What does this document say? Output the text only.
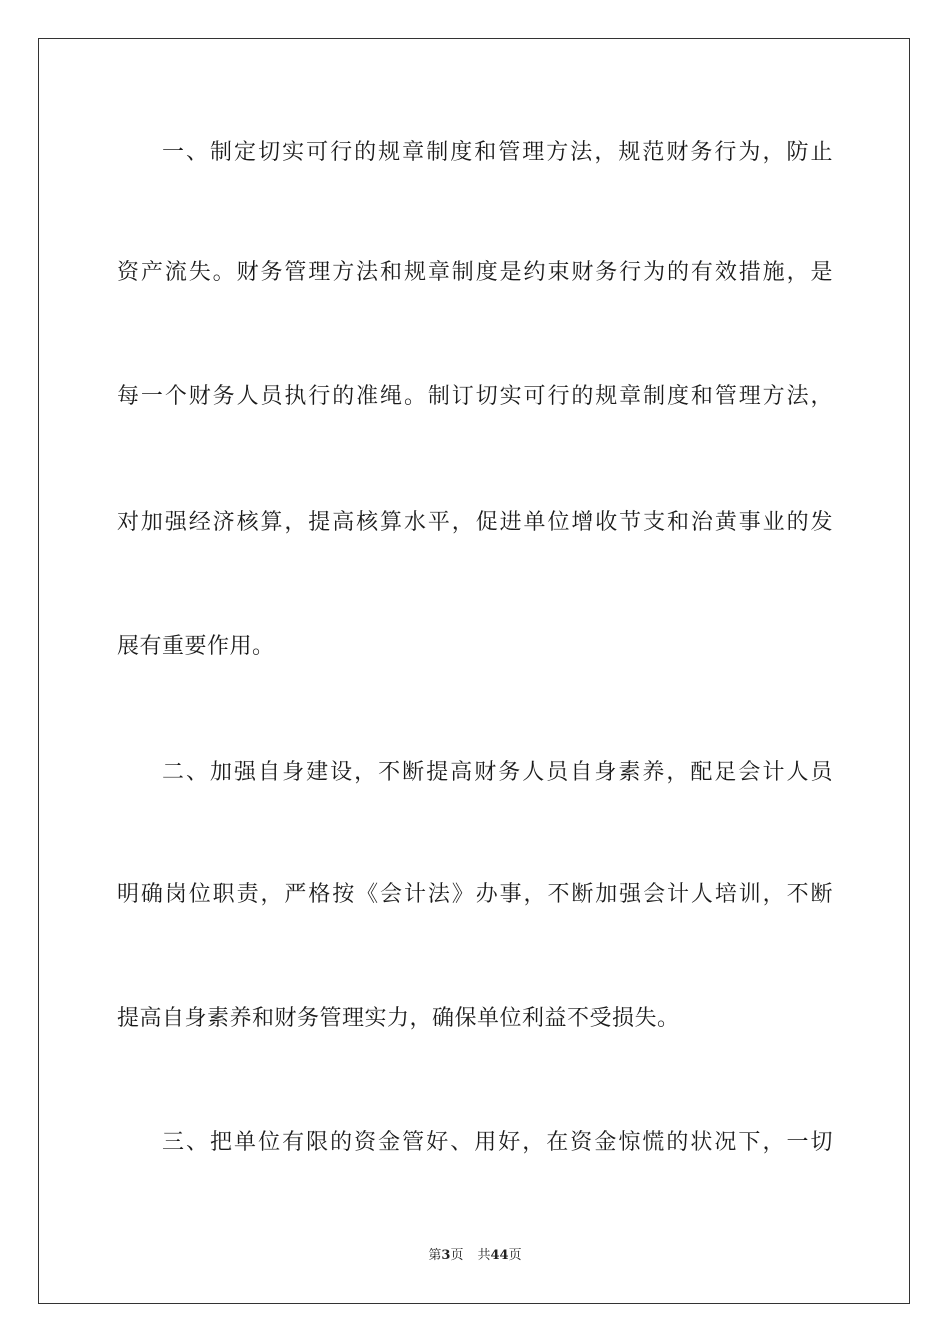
一、制定切实可行的规章制度和管理方法，规范财务行为，防止
资产流失。财务管理方法和规章制度是约束财务行为的有效措施，是
每一个财务人员执行的准绳。制订切实可行的规章制度和管理方法，
对加强经济核算，提高核算水平，促进单位增收节支和治黄事业的发
展有重要作用。
二、加强自身建设，不断提高财务人员自身素养，配足会计人员
明确岗位职责，严格按《会计法》办事，不断加强会计人培训，不断
提高自身素养和财务管理实力，确保单位利益不受损失。
三、把单位有限的资金管好、用好，在资金惊慌的状况下，一切
第3页 共44页
